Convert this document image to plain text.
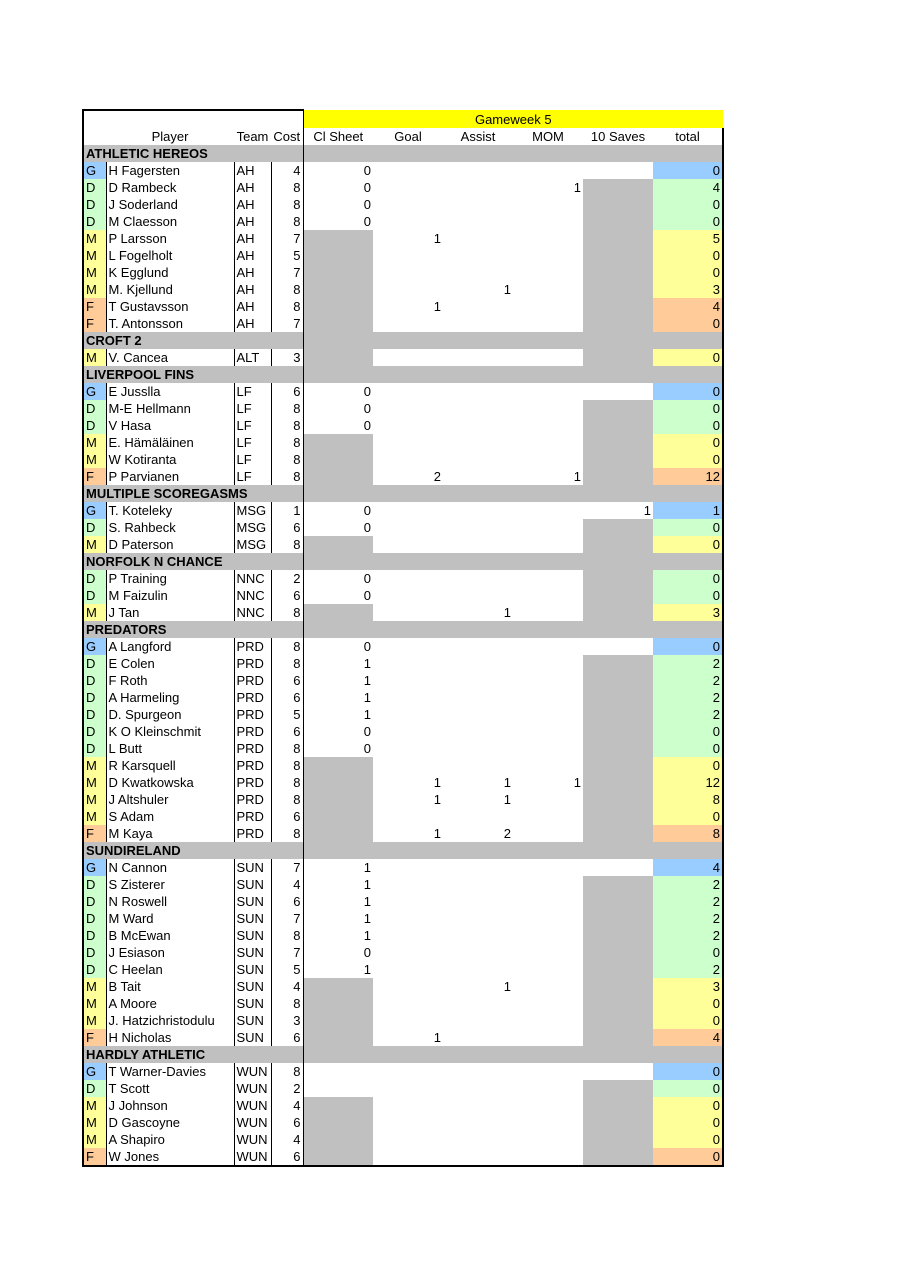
				Gameweek 5					
	Player	Team	Cost	Cl Sheet	Goal	Assist	MOM	10 Saves	total
ATHLETIC HEREOS									
G	H Fagersten	AH	4	0					0
D	D Rambeck	AH	8	0			1		4
D	J Soderland	AH	8	0					0
D	M Claesson	AH	8	0					0
M	P Larsson	AH	7		1				5
M	L Fogelholt	AH	5						0
M	K Egglund	AH	7						0
M	M. Kjellund	AH	8			1			3
F	T Gustavsson	AH	8		1				4
F	T. Antonsson	AH	7						0
CROFT 2									
M	V. Cancea	ALT	3						0
LIVERPOOL FINS									
G	E Jusslla	LF	6	0					0
D	M-E Hellmann	LF	8	0					0
D	V Hasa	LF	8	0					0
M	E. Hämäläinen	LF	8						0
M	W Kotiranta	LF	8						0
F	P Parvianen	LF	8		2		1		12
MULTIPLE SCOREGASMS									
G	T. Koteleky	MSG	1	0				1	1
D	S. Rahbeck	MSG	6	0					0
M	D Paterson	MSG	8						0
NORFOLK N CHANCE									
D	P Training	NNC	2	0					0
D	M Faizulin	NNC	6	0					0
M	J Tan	NNC	8			1			3
PREDATORS									
G	A Langford	PRD	8	0					0
D	E Colen	PRD	8	1					2
D	F Roth	PRD	6	1					2
D	A Harmeling	PRD	6	1					2
D	D. Spurgeon	PRD	5	1					2
D	K O Kleinschmit	PRD	6	0					0
D	L Butt	PRD	8	0					0
M	R Karsquell	PRD	8						0
M	D Kwatkowska	PRD	8		1	1	1		12
M	J Altshuler	PRD	8		1	1			8
M	S Adam	PRD	6						0
F	M Kaya	PRD	8		1	2			8
SUNDIRELAND									
G	N Cannon	SUN	7	1					4
D	S Zisterer	SUN	4	1					2
D	N Roswell	SUN	6	1					2
D	M Ward	SUN	7	1					2
D	B McEwan	SUN	8	1					2
D	J Esiason	SUN	7	0					0
D	C Heelan	SUN	5	1					2
M	B Tait	SUN	4			1			3
M	A Moore	SUN	8						0
M	J. Hatzichristodulu	SUN	3						0
F	H Nicholas	SUN	6		1				4
HARDLY ATHLETIC									
G	T Warner-Davies	WUN	8						0
D	T Scott	WUN	2						0
M	J Johnson	WUN	4						0
M	D Gascoyne	WUN	6						0
M	A Shapiro	WUN	4						0
F	W Jones	WUN	6						0
